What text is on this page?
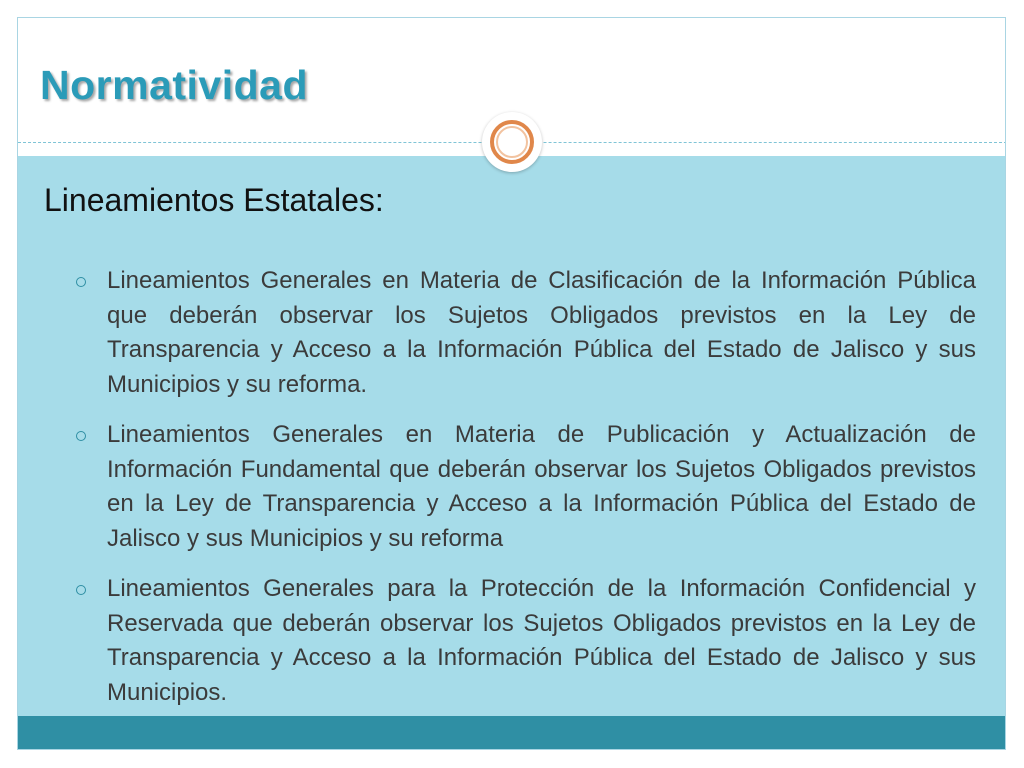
Normatividad
Lineamientos Estatales:
Lineamientos Generales en Materia de Clasificación de la Información Pública que deberán observar los Sujetos Obligados previstos en la Ley de Transparencia y Acceso a la Información Pública del Estado de Jalisco y sus Municipios y su reforma.
Lineamientos Generales en Materia de Publicación y Actualización de Información Fundamental que deberán observar los Sujetos Obligados previstos en la Ley de Transparencia y Acceso a la Información Pública del Estado de Jalisco y sus Municipios y su reforma
Lineamientos Generales para la Protección de la Información Confidencial y Reservada que deberán observar los Sujetos Obligados previstos en la Ley de Transparencia y Acceso a la Información Pública del Estado de Jalisco y sus Municipios.
